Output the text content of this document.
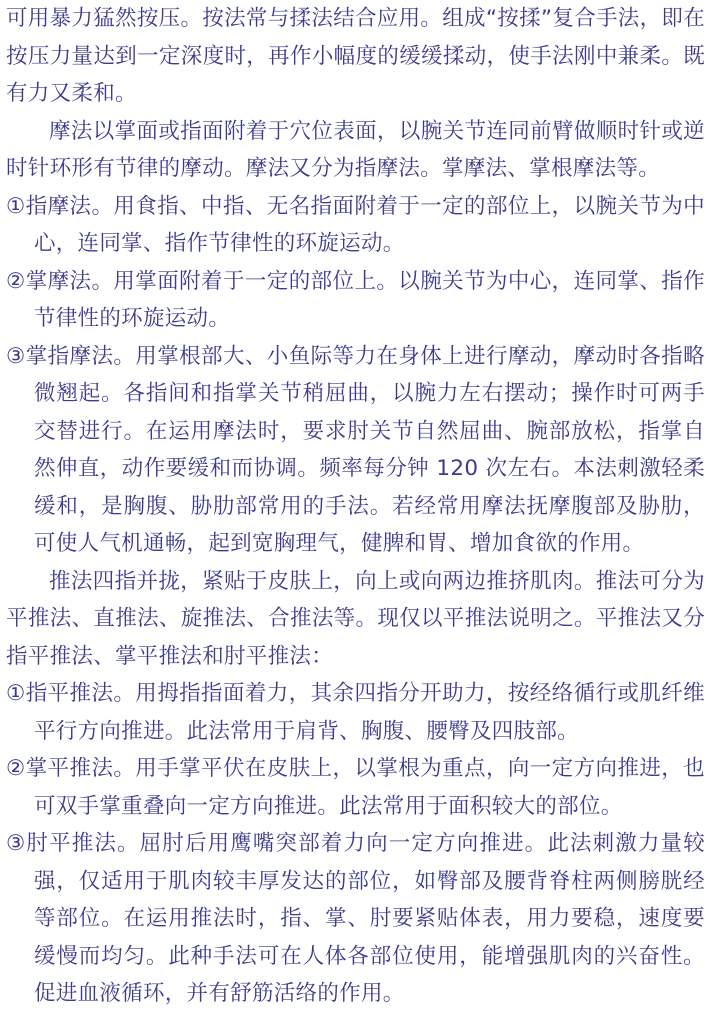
可用暴力猛然按压。按法常与揉法结合应用。组成“按揉”复合手法，即在按压力量达到一定深度时，再作小幅度的缓缓揉动，使手法刚中兼柔。既有力又柔和。

摩法以掌面或指面附着于穴位表面，以腕关节连同前臂做顺时针或逆时针环形有节律的摩动。摩法又分为指摩法。掌摩法、掌根摩法等。

①指摩法。用食指、中指、无名指面附着于一定的部位上，以腕关节为中心，连同掌、指作节律性的环旋运动。

②掌摩法。用掌面附着于一定的部位上。以腕关节为中心，连同掌、指作节律性的环旋运动。

③掌指摩法。用掌根部大、小鱼际等力在身体上进行摩动，摩动时各指略微翘起。各指间和指掌关节稍屈曲，以腕力左右摆动；操作时可两手交替进行。在运用摩法时，要求肘关节自然屈曲、腕部放松，指掌自然伸直，动作要缓和而协调。频率每分钟 120 次左右。本法刺激轻柔缓和，是胸腹、胁肋部常用的手法。若经常用摩法抚摩腹部及胁肋，可使人气机通畅，起到宽胸理气，健脾和胃、增加食欲的作用。

推法四指并拢，紧贴于皮肤上，向上或向两边推挤肌肉。推法可分为平推法、直推法、旋推法、合推法等。现仅以平推法说明之。平推法又分指平推法、掌平推法和肘平推法：

①指平推法。用拇指指面着力，其余四指分开助力，按经络循行或肌纤维平行方向推进。此法常用于肩背、胸腹、腰臀及四肢部。

②掌平推法。用手掌平伏在皮肤上，以掌根为重点，向一定方向推进，也可双手掌重叠向一定方向推进。此法常用于面积较大的部位。

③肘平推法。屈肘后用鹰嘴突部着力向一定方向推进。此法刺激力量较强，仅适用于肌肉较丰厚发达的部位，如臀部及腰背脊柱两侧膀胱经等部位。在运用推法时，指、掌、肘要紧贴体表，用力要稳，速度要缓慢而均匀。此种手法可在人体各部位使用，能增强肌肉的兴奋性。促进血液循环，并有舒筋活络的作用。
